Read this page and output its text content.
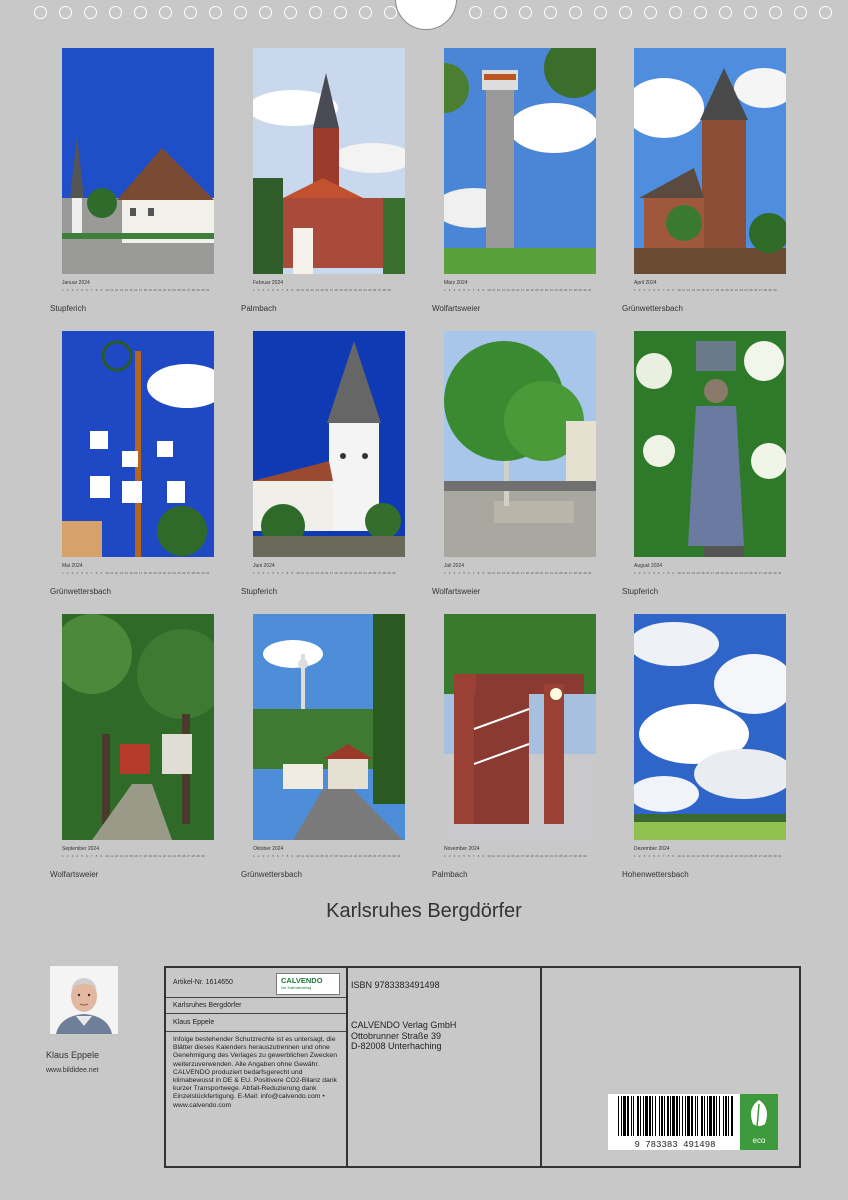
Januar 2024
1 2 3 4 5 6 7 8 9 10 11 12 13 14 15 16 17 18 19 20 21 22 23 24 25 26 27 28 29 30 31
Stupferich
Februar 2024
1 2 3 4 5 6 7 8 9 10 11 12 13 14 15 16 17 18 19 20 21 22 23 24 25 26 27 28 29
Palmbach
März 2024
1 2 3 4 5 6 7 8 9 10 11 12 13 14 15 16 17 18 19 20 21 22 23 24 25 26 27 28 29 30 31
Wolfartsweier
April 2024
1 2 3 4 5 6 7 8 9 10 11 12 13 14 15 16 17 18 19 20 21 22 23 24 25 26 27 28 29 30
Grünwettersbach
Mai 2024
1 2 3 4 5 6 7 8 9 10 11 12 13 14 15 16 17 18 19 20 21 22 23 24 25 26 27 28 29 30 31
Grünwettersbach
Juni 2024
1 2 3 4 5 6 7 8 9 10 11 12 13 14 15 16 17 18 19 20 21 22 23 24 25 26 27 28 29 30
Stupferich
Juli 2024
1 2 3 4 5 6 7 8 9 10 11 12 13 14 15 16 17 18 19 20 21 22 23 24 25 26 27 28 29 30 31
Wolfartsweier
August 2024
1 2 3 4 5 6 7 8 9 10 11 12 13 14 15 16 17 18 19 20 21 22 23 24 25 26 27 28 29 30 31
Stupferich
September 2024
1 2 3 4 5 6 7 8 9 10 11 12 13 14 15 16 17 18 19 20 21 22 23 24 25 26 27 28 29 30
Wolfartsweier
Oktober 2024
1 2 3 4 5 6 7 8 9 10 11 12 13 14 15 16 17 18 19 20 21 22 23 24 25 26 27 28 29 30 31
Grünwettersbach
November 2024
1 2 3 4 5 6 7 8 9 10 11 12 13 14 15 16 17 18 19 20 21 22 23 24 25 26 27 28 29 30
Palmbach
Dezember 2024
1 2 3 4 5 6 7 8 9 10 11 12 13 14 15 16 17 18 19 20 21 22 23 24 25 26 27 28 29 30 31
Hohenwettersbach
Karlsruhes Bergdörfer
Klaus Eppele
www.bildidee.net
Artikel-Nr. 1614650	CALVENDO
Der Kalenderverlag
Karlsruhes Bergdörfer
Klaus Eppele
Infolge bestehender Schutzrechte ist es untersagt, die Blätter dieses Kalenders herauszutrennen und ohne Genehmigung des Verlages zu gewerblichen Zwecken weiterzuverwenden. Alle Angaben ohne Gewähr. CALVENDO produziert bedarfsgerecht und klimabewusst in DE & EU. Positivere CO2-Bilanz dank kurzer Transportwege. Abfall-Reduzierung dank Einzelstückfertigung. E-Mail: info@calvendo.com • www.calvendo.com
ISBN 9783383491498
CALVENDO Verlag GmbH
Ottobrunner Straße 39
D-82008 Unterhaching
9 783383 491498	eco
